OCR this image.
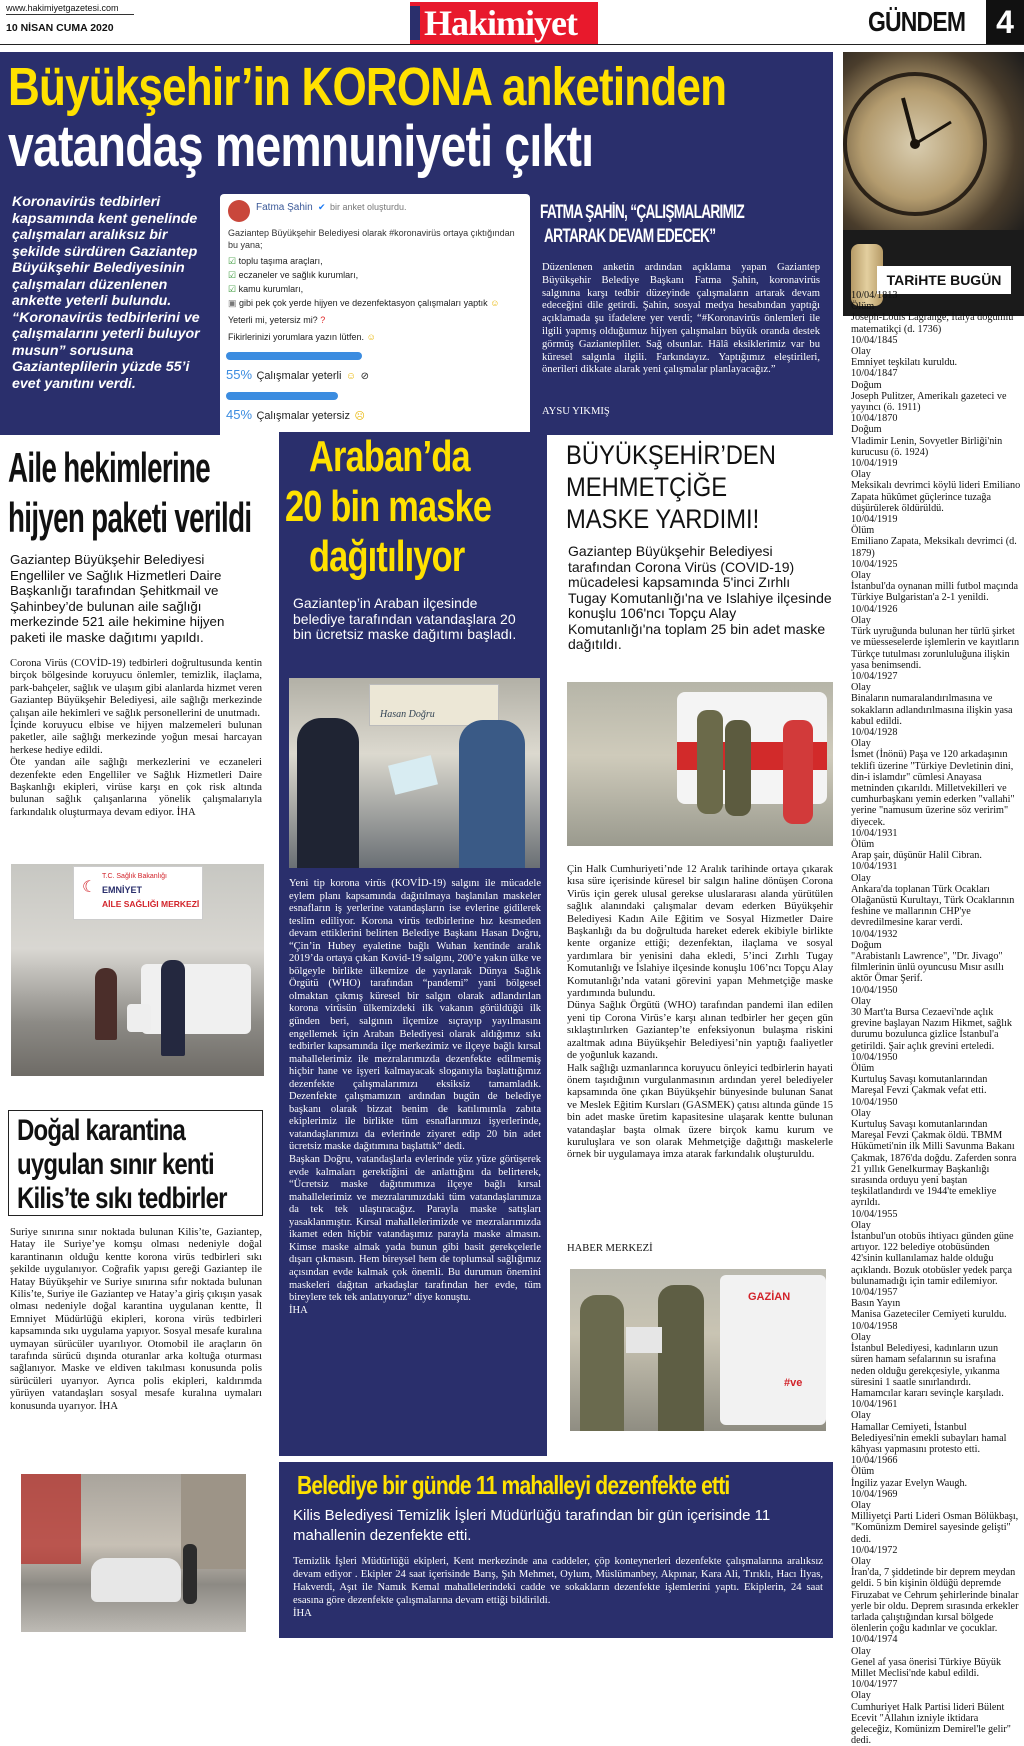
www.hakimiyetgazetesi.com
10 NİSAN CUMA 2020	Hakimiyet	GÜNDEM 4
Büyükşehir’in KORONA anketinden
vatandaş memnuniyeti çıktı
Koronavirüs tedbirleri kapsamında kent genelinde çalışmaları aralıksız bir şekilde sürdüren Gaziantep Büyükşehir Belediyesinin çalışmaları düzenlenen ankette yeterli bulundu. “Koronavirüs tedbirlerini ve çalışmalarını yeterli buluyor musun” sorusuna Gazianteplilerin yüzde 55’i evet yanıtını verdi.
Fatma Şahin ✔ bir anket oluşturdu.
Gaziantep Büyükşehir Belediyesi olarak #koronavirüs ortaya çıktığından bu yana;
☑ toplu taşıma araçları,
☑ eczaneler ve sağlık kurumları,
☑ kamu kurumları,
▣ gibi pek çok yerde hijyen ve dezenfektasyon çalışmaları yaptık ☺
Yeterli mi, yetersiz mi? ?
Fikirlerinizi yorumlara yazın lütfen. ☺
55% Çalışmalar yeterli ☺ ⊘
45% Çalışmalar yetersiz ☹
FATMA ŞAHİN, “ÇALIŞMALARIMIZ
ARTARAK DEVAM EDECEK”
Düzenlenen anketin ardından açıklama yapan Gaziantep Büyükşehir Belediye Başkanı Fatma Şahin, koronavirüs salgınına karşı tedbir düzeyinde çalışmaların artarak devam edeceğini dile getirdi. Şahin, sosyal medya hesabından yaptığı açıklamada şu ifadelere yer verdi; “#Koronavirüs önlemleri ile ilgili yapmış olduğumuz hijyen çalışmaları büyük oranda destek görmüş Gaziantepliler. Sağ olsunlar. Hâlâ eksiklerimiz var bu küresel salgınla ilgili. Farkındayız. Yaptığımız eleştirileri, önerileri dikkate alarak yeni çalışmalar planlayacağız.”
AYSU YIKMIŞ
Aile hekimlerine
hijyen paketi verildi
Gaziantep Büyükşehir Belediyesi Engelliler ve Sağlık Hizmetleri Daire Başkanlığı tarafından Şehitkmail ve Şahinbey’de bulunan aile sağlığı merkezinde 521 aile hekimine hijyen paketi ile maske dağıtımı yapıldı.
Corona Virüs (COVİD-19) tedbirleri doğrultusunda kentin birçok bölgesinde koruyucu önlemler, temizlik, ilaçlama, park-bahçeler, sağlık ve ulaşım gibi alanlarda hizmet veren Gaziantep Büyükşehir Belediyesi, aile sağlığı merkezinde çalışan aile hekimleri ve sağlık personellerini de unutmadı.
İçinde koruyucu elbise ve hijyen malzemeleri bulunan paketler, aile sağlığı merkezinde yoğun mesai harcayan herkese hediye edildi.
Öte yandan aile sağlığı merkezlerini ve eczaneleri dezenfekte eden Engelliler ve Sağlık Hizmetleri Daire Başkanlığı ekipleri, virüse karşı en çok risk altında bulunan sağlık çalışanlarına yönelik çalışmalarıyla farkındalık oluşturmaya devam ediyor. İHA
☾
T.C. Sağlık Bakanlığı
EMNİYET
AİLE SAĞLIĞI MERKEZİ
Doğal karantina
uygulan sınır kenti
Kilis’te sıkı tedbirler
Suriye sınırına sınır noktada bulunan Kilis’te, Gaziantep, Hatay ile Suriye’ye komşu olması nedeniyle doğal karantinanın olduğu kentte korona virüs tedbirleri sıkı şekilde uygulanıyor. Coğrafik yapısı gereği Gaziantep ile Hatay Büyükşehir ve Suriye sınırına sıfır noktada bulunan Kilis’te, Suriye ile Gaziantep ve Hatay’a giriş çıkışın yasak olması nedeniyle doğal karantina uygulanan kentte, İl Emniyet Müdürlüğü ekipleri, korona virüs tedbirleri kapsamında sıkı uygulama yapıyor. Sosyal mesafe kuralına uymayan sürücüler uyarılıyor. Otomobil ile araçların ön tarafında sürücü dışında oturanlar arka koltuğa oturması sağlanıyor. Maske ve eldiven takılması konusunda polis sürücüleri uyarıyor. Ayrıca polis ekipleri, kaldırımda yürüyen vatandaşları sosyal mesafe kuralına uymaları konusunda uyarıyor. İHA
Araban’da
20 bin maske
dağıtılıyor
Gaziantep’in Araban ilçesinde belediye tarafından vatandaşlara 20 bin ücretsiz maske dağıtımı başladı.
Hasan Doğru
Yeni tip korona virüs (KOVİD-19) salgını ile mücadele eylem planı kapsamında dağıtılmaya başlanılan maskeler esnafların iş yerlerine vatandaşların ise evlerine gidilerek teslim ediliyor. Korona virüs tedbirlerine hız kesmeden devam ettiklerini belirten Belediye Başkanı Hasan Doğru, “Çin’in Hubey eyaletine bağlı Wuhan kentinde aralık 2019’da ortaya çıkan Kovid-19 salgını, 200’e yakın ülke ve bölgeyle birlikte ülkemize de yayılarak Dünya Sağlık Örgütü (WHO) tarafından “pandemi” yani bölgesel olmaktan çıkmış küresel bir salgın olarak adlandırılan korona virüsün ülkemizdeki ilk vakanın görüldüğü ilk günden beri, salgının ilçemize sıçrayıp yayılmasını engellemek için Araban Belediyesi olarak aldığımız sıkı tedbirler kapsamında ilçe merkezimiz ve ilçeye bağlı kırsal mahallelerimiz ile mezralarımızda dezenfekte edilmemiş hiçbir hane ve işyeri kalmayacak sloganıyla başlattığımız dezenfekte çalışmalarımızı eksiksiz tamamladık. Dezenfekte çalışmamızın ardından bugün de belediye başkanı olarak bizzat benim de katılımımla zabıta ekiplerimiz ile birlikte tüm esnaflarımızı işyerlerinde, vatandaşlarımızı da evlerinde ziyaret edip 20 bin adet ücretsiz maske dağıtımına başlattık” dedi.
Başkan Doğru, vatandaşlarla evlerinde yüz yüze görüşerek evde kalmaları gerektiğini de anlattığını da belirterek, “Ücretsiz maske dağıtımımıza ilçeye bağlı kırsal mahallelerimiz ve mezralarımızdaki tüm vatandaşlarımıza da tek tek ulaştıracağız. Parayla maske satışları yasaklanmıştır. Kırsal mahallelerimizde ve mezralarımızda ikamet eden hiçbir vatandaşımız parayla maske almasın. Kimse maske almak yada bunun gibi basit gerekçelerle dışarı çıkmasın. Hem bireysel hem de toplumsal sağlığımız açısından evde kalmak çok önemli. Bu durumun önemini maskeleri dağıtan arkadaşlar tarafından her evde, tüm bireylere tek tek anlatıyoruz” diye konuştu.
İHA
BÜYÜKŞEHİR’DEN
MEHMETÇİĞE
MASKE YARDIMI!
Gaziantep Büyükşehir Belediyesi tarafından Corona Virüs (COVID-19) mücadelesi kapsamında 5'inci Zırhlı Tugay Komutanlığı'na ve Islahiye ilçesinde konuşlu 106'ncı Topçu Alay Komutanlığı'na toplam 25 bin adet maske dağıtıldı.
Çin Halk Cumhuriyeti’nde 12 Aralık tarihinde ortaya çıkarak kısa süre içerisinde küresel bir salgın haline dönüşen Corona Virüs için gerek ulusal gerekse uluslararası alanda yürütülen sağlık alanındaki çalışmalar devam ederken Büyükşehir Belediyesi Kadın Aile Eğitim ve Sosyal Hizmetler Daire Başkanlığı da bu doğrultuda hareket ederek ekibiyle birlikte kente organize ettiği; dezenfektan, ilaçlama ve sosyal yardımlara bir yenisini daha ekledi, 5’inci Zırhlı Tugay Komutanlığı ve İslahiye ilçesinde konuşlu 106’ncı Topçu Alay Komutanlığı’nda vatani görevini yapan Mehmetçiğe maske yardımında bulundu.
Dünya Sağlık Örgütü (WHO) tarafından pandemi ilan edilen yeni tip Corona Virüs’e karşı alınan tedbirler her geçen gün sıklaştırılırken Gaziantep’te enfeksiyonun bulaşma riskini azaltmak adına Büyükşehir Belediyesi’nin yaptığı faaliyetler de yoğunluk kazandı.
Halk sağlığı uzmanlarınca koruyucu önleyici tedbirlerin hayati önem taşıdığının vurgulanmasının ardından yerel belediyeler kapsamında öne çıkan Büyükşehir bünyesinde bulunan Sanat ve Meslek Eğitim Kursları (GASMEK) çatısı altında günde 15 bin adet maske üretim kapasitesine ulaşarak kentte bulunan vatandaşlar başta olmak üzere birçok kamu kurum ve kuruluşlara ve son olarak Mehmetçiğe dağıttığı maskelerle örnek bir uygulamaya imza atarak farkındalık oluşturuldu.
HABER MERKEZİ
GAZİAN
#ve
Belediye bir günde 11 mahalleyi dezenfekte etti
Kilis Belediyesi Temizlik İşleri Müdürlüğü tarafından bir gün içerisinde 11 mahallenin dezenfekte etti.
Temizlik İşleri Müdürlüğü ekipleri, Kent merkezinde ana caddeler, çöp konteynerleri dezenfekte çalışmalarına aralıksız devam ediyor . Ekipler 24 saat içerisinde Barış, Şıh Mehmet, Oylum, Müslümanbey, Akpınar, Kara Ali, Tırıklı, Hacı İlyas, Hakverdi, Aşıt ile Namık Kemal mahallelerindeki cadde ve sokakların dezenfekte işlemlerini yaptı. Ekiplerin, 24 saat esasına göre dezenfekte çalışmalarına devam ettiği bildirildi.
İHA
TARiHTE BUGÜN
10/04/1813
Ölüm
Joseph-Louis Lagrange, İtalya doğumlu matematikçi (d. 1736)
10/04/1845
Olay
Emniyet teşkilatı kuruldu.
10/04/1847
Doğum
Joseph Pulitzer, Amerikalı gazeteci ve yayıncı (ö. 1911)
10/04/1870
Doğum
Vladimir Lenin, Sovyetler Birliği'nin kurucusu (ö. 1924)
10/04/1919
Olay
Meksikalı devrimci köylü lideri Emiliano Zapata hükûmet güçlerince tuzağa düşürülerek öldürüldü.
10/04/1919
Ölüm
Emiliano Zapata, Meksikalı devrimci (d. 1879)
10/04/1925
Olay
İstanbul'da oynanan milli futbol maçında Türkiye Bulgaristan'a 2-1 yenildi.
10/04/1926
Olay
Türk uyruğunda bulunan her türlü şirket ve müesseselerde işlemlerin ve kayıtların Türkçe tutulması zorunluluğuna ilişkin yasa benimsendi.
10/04/1927
Olay
Binaların numaralandırılmasına ve sokakların adlandırılmasına ilişkin yasa kabul edildi.
10/04/1928
Olay
İsmet (İnönü) Paşa ve 120 arkadaşının teklifi üzerine "Türkiye Devletinin dini, din-i islamdır" cümlesi Anayasa metninden çıkarıldı. Milletvekilleri ve cumhurbaşkanı yemin ederken "vallahi" yerine "namusum üzerine söz veririm" diyecek.
10/04/1931
Ölüm
Arap şair, düşünür Halil Cibran.
10/04/1931
Olay
Ankara'da toplanan Türk Ocakları Olağanüstü Kurultayı, Türk Ocaklarının feshine ve mallarının CHP'ye devredilmesine karar verdi.
10/04/1932
Doğum
"Arabistanlı Lawrence", "Dr. Jivago" filmlerinin ünlü oyuncusu Mısır asıllı aktör Ömar Şerif.
10/04/1950
Olay
30 Mart'ta Bursa Cezaevi'nde açlık grevine başlayan Nazım Hikmet, sağlık durumu bozulunca gizlice İstanbul'a getirildi. Şair açlık grevini erteledi.
10/04/1950
Ölüm
Kurtuluş Savaşı komutanlarından Mareşal Fevzi Çakmak vefat etti.
10/04/1950
Olay
Kurtuluş Savaşı komutanlarından Mareşal Fevzi Çakmak öldü. TBMM Hükümeti'nin ilk Milli Savunma Bakanı Çakmak, 1876'da doğdu. Zaferden sonra 21 yıllık Genelkurmay Başkanlığı sırasında orduyu yeni baştan teşkilatlandırdı ve 1944'te emekliye ayrıldı.
10/04/1955
Olay
İstanbul'un otobüs ihtiyacı günden güne artıyor. 122 belediye otobüsünden 42'sinin kullanılamaz halde olduğu açıklandı. Bozuk otobüsler yedek parça bulunamadığı için tamir edilemiyor.
10/04/1957
Basın Yayın
Manisa Gazeteciler Cemiyeti kuruldu.
10/04/1958
Olay
İstanbul Belediyesi, kadınların uzun süren hamam sefalarının su israfına neden olduğu gerekçesiyle, yıkanma süresini 1 saatle sınırlandırdı. Hamamcılar kararı sevinçle karşıladı.
10/04/1961
Olay
Hamallar Cemiyeti, İstanbul Belediyesi'nin emekli subayları hamal kâhyası yapmasını protesto etti.
10/04/1966
Ölüm
İngiliz yazar Evelyn Waugh.
10/04/1969
Olay
Milliyetçi Parti Lideri Osman Bölükbaşı, "Komünizm Demirel sayesinde gelişti" dedi.
10/04/1972
Olay
İran'da, 7 şiddetinde bir deprem meydan geldi. 5 bin kişinin öldüğü depremde Firuzabat ve Cehrum şehirlerinde binalar yerle bir oldu. Deprem sırasında erkekler tarlada çalıştığından kırsal bölgede ölenlerin çoğu kadınlar ve çocuklar.
10/04/1974
Olay
Genel af yasa önerisi Türkiye Büyük Millet Meclisi'nde kabul edildi.
10/04/1977
Olay
Cumhuriyet Halk Partisi lideri Bülent Ecevit "Allahın izniyle iktidara geleceğiz, Komünizm Demirel'le gelir" dedi.
